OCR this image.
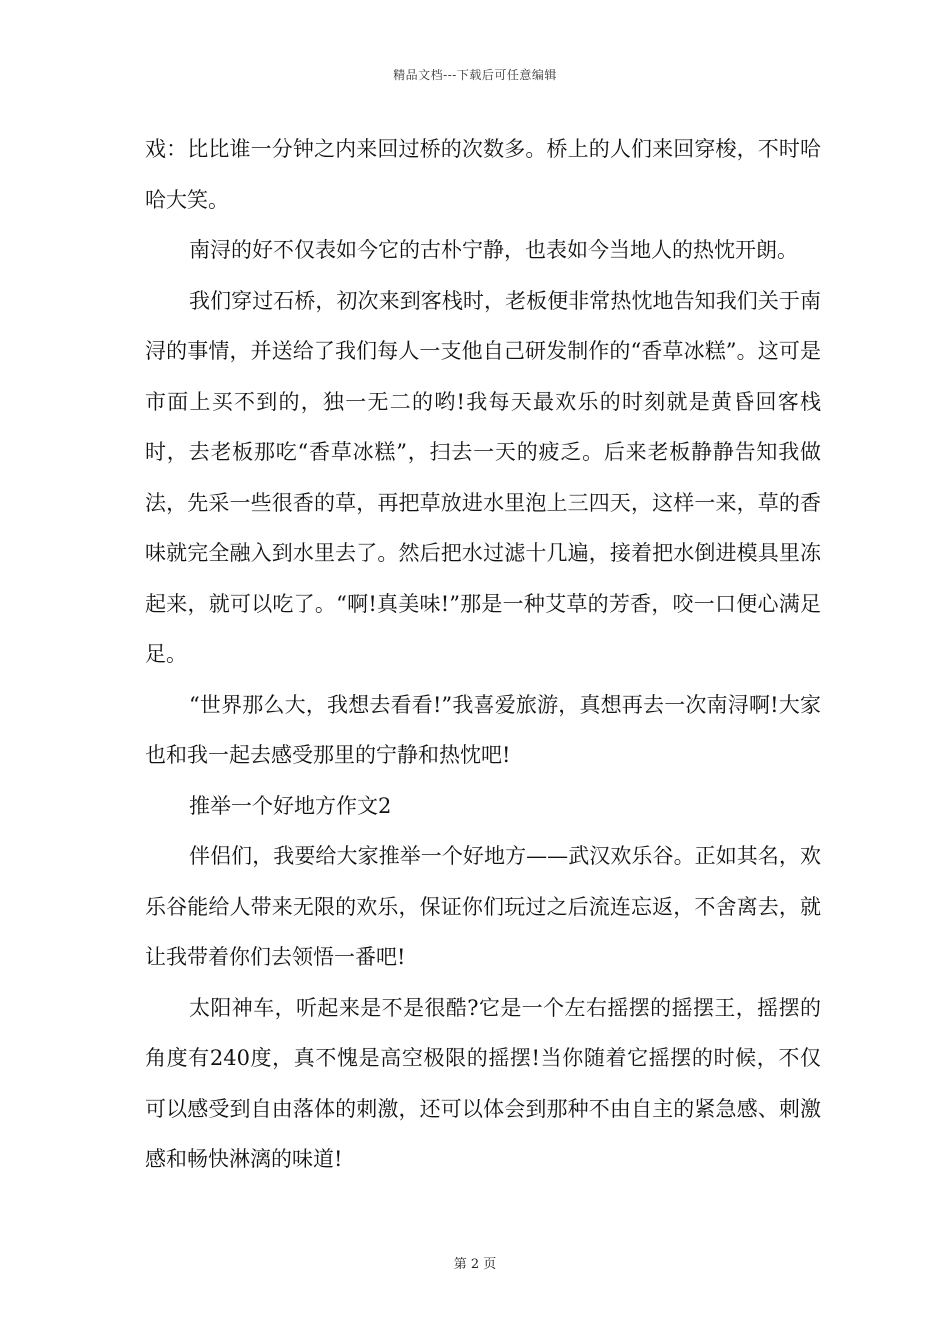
精品文档---下载后可任意编辑

戏：比比谁一分钟之内来回过桥的次数多。桥上的人们来回穿梭，不时哈哈大笑。

南浔的好不仅表如今它的古朴宁静，也表如今当地人的热忱开朗。

我们穿过石桥，初次来到客栈时，老板便非常热忱地告知我们关于南浔的事情，并送给了我们每人一支他自己研发制作的“香草冰糕”。这可是市面上买不到的，独一无二的哟!我每天最欢乐的时刻就是黄昏回客栈时，去老板那吃“香草冰糕”，扫去一天的疲乏。后来老板静静告知我做法，先采一些很香的草，再把草放进水里泡上三四天，这样一来，草的香味就完全融入到水里去了。然后把水过滤十几遍，接着把水倒进模具里冻起来，就可以吃了。“啊!真美味!”那是一种艾草的芳香，咬一口便心满足足。

“世界那么大，我想去看看!”我喜爱旅游，真想再去一次南浔啊!大家也和我一起去感受那里的宁静和热忱吧!

推举一个好地方作文2

伴侣们，我要给大家推举一个好地方——武汉欢乐谷。正如其名，欢乐谷能给人带来无限的欢乐，保证你们玩过之后流连忘返，不舍离去，就让我带着你们去领悟一番吧!

太阳神车，听起来是不是很酷?它是一个左右摇摆的摇摆王，摇摆的角度有240度，真不愧是高空极限的摇摆!当你随着它摇摆的时候，不仅可以感受到自由落体的刺激，还可以体会到那种不由自主的紧急感、刺激感和畅快淋漓的味道!

第 2 页
